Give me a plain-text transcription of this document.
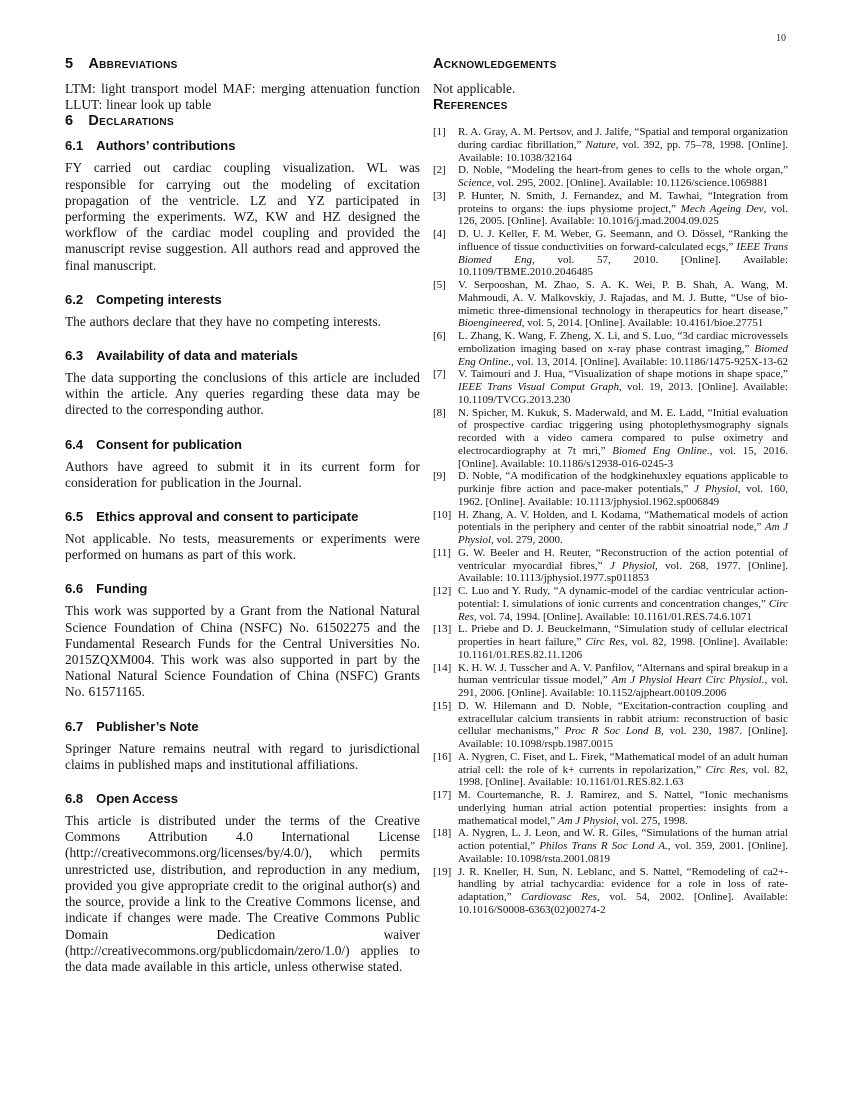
10
5 Abbreviations

LTM: light transport model MAF: merging attenuation function LLUT: linear look up table

6 Declarations
6.1 Authors’ contributions

FY carried out cardiac coupling visualization. WL was responsible for carrying out the modeling of excitation propagation of the ventricle. LZ and YZ participated in performing the experiments. WZ, KW and HZ designed the workflow of the cardiac model coupling and provided the manuscript revise suggestion. All authors read and approved the final manuscript.

6.2 Competing interests

The authors declare that they have no competing interests.

6.3 Availability of data and materials

The data supporting the conclusions of this article are included within the article. Any queries regarding these data may be directed to the corresponding author.

6.4 Consent for publication

Authors have agreed to submit it in its current form for consideration for publication in the Journal.

6.5 Ethics approval and consent to participate

Not applicable. No tests, measurements or experiments were performed on humans as part of this work.

6.6 Funding

This work was supported by a Grant from the National Natural Science Foundation of China (NSFC) No. 61502275 and the Fundamental Research Funds for the Central Universities No. 2015ZQXM004. This work was also supported in part by the National Natural Science Foundation of China (NSFC) Grants No. 61571165.

6.7 Publisher’s Note

Springer Nature remains neutral with regard to jurisdictional claims in published maps and institutional affiliations.

6.8 Open Access

This article is distributed under the terms of the Creative Commons Attribution 4.0 International License (http://creativecommons.org/licenses/by/4.0/), which permits unrestricted use, distribution, and reproduction in any medium, provided you give appropriate credit to the original author(s) and the source, provide a link to the Creative Commons license, and indicate if changes were made. The Creative Commons Public Domain Dedication waiver (http://creativecommons.org/publicdomain/zero/1.0/) applies to the data made available in this article, unless otherwise stated.

Acknowledgements

Not applicable.

References
[1] R. A. Gray, A. M. Pertsov, and J. Jalife, “Spatial and temporal organization during cardiac fibrillation,” Nature, vol. 392, pp. 75–78, 1998. [Online]. Available: 10.1038/32164
[2] D. Noble, “Modeling the heart-from genes to cells to the whole organ,” Science, vol. 295, 2002. [Online]. Available: 10.1126/science.1069881
[3] P. Hunter, N. Smith, J. Fernandez, and M. Tawhai, “Integration from proteins to organs: the iups physiome project,” Mech Ageing Dev, vol. 126, 2005. [Online]. Available: 10.1016/j.mad.2004.09.025
[4] D. U. J. Keller, F. M. Weber, G. Seemann, and O. Dössel, “Ranking the influence of tissue conductivities on forward-calculated ecgs,” IEEE Trans Biomed Eng, vol. 57, 2010. [Online]. Available: 10.1109/TBME.2010.2046485
[5] V. Serpooshan, M. Zhao, S. A. K. Wei, P. B. Shah, A. Wang, M. Mahmoudi, A. V. Malkovskiy, J. Rajadas, and M. J. Butte, “Use of bio-mimetic three-dimensional technology in therapeutics for heart disease,” Bioengineered, vol. 5, 2014. [Online]. Available: 10.4161/bioe.27751
[6] L. Zhang, K. Wang, F. Zheng, X. Li, and S. Luo, “3d cardiac microvessels embolization imaging based on x-ray phase contrast imaging,” Biomed Eng Online., vol. 13, 2014. [Online]. Available: 10.1186/1475-925X-13-62
[7] V. Taimouri and J. Hua, “Visualization of shape motions in shape space,” IEEE Trans Visual Comput Graph, vol. 19, 2013. [Online]. Available: 10.1109/TVCG.2013.230
[8] N. Spicher, M. Kukuk, S. Maderwald, and M. E. Ladd, “Initial evaluation of prospective cardiac triggering using photoplethysmography signals recorded with a video camera compared to pulse oximetry and electrocardiography at 7t mri,” Biomed Eng Online., vol. 15, 2016. [Online]. Available: 10.1186/s12938-016-0245-3
[9] D. Noble, “A modification of the hodgkinehuxley equations applicable to purkinje fibre action and pace-maker potentials,” J Physiol, vol. 160, 1962. [Online]. Available: 10.1113/jphysiol.1962.sp006849
[10] H. Zhang, A. V. Holden, and I. Kodama, “Mathematical models of action potentials in the periphery and center of the rabbit sinoatrial node,” Am J Physiol, vol. 279, 2000.
[11] G. W. Beeler and H. Reuter, “Reconstruction of the action potential of ventricular myocardial fibres,” J Physiol, vol. 268, 1977. [Online]. Available: 10.1113/jphysiol.1977.sp011853
[12] C. Luo and Y. Rudy, “A dynamic-model of the cardiac ventricular action-potential: I. simulations of ionic currents and concentration changes,” Circ Res, vol. 74, 1994. [Online]. Available: 10.1161/01.RES.74.6.1071
[13] L. Priebe and D. J. Beuckelmann, “Simulation study of cellular electrical properties in heart failure,” Circ Res, vol. 82, 1998. [Online]. Available: 10.1161/01.RES.82.11.1206
[14] K. H. W. J. Tusscher and A. V. Panfilov, “Alternans and spiral breakup in a human ventricular tissue model,” Am J Physiol Heart Circ Physiol., vol. 291, 2006. [Online]. Available: 10.1152/ajpheart.00109.2006
[15] D. W. Hilemann and D. Noble, “Excitation-contraction coupling and extracellular calcium transients in rabbit atrium: reconstruction of basic cellular mechanisms,” Proc R Soc Lond B, vol. 230, 1987. [Online]. Available: 10.1098/rspb.1987.0015
[16] A. Nygren, C. Fiset, and L. Firek, “Mathematical model of an adult human atrial cell: the role of k+ currents in repolarization,” Circ Res, vol. 82, 1998. [Online]. Available: 10.1161/01.RES.82.1.63
[17] M. Courtemanche, R. J. Ramirez, and S. Nattel, “Ionic mechanisms underlying human atrial action potential properties: insights from a mathematical model,” Am J Physiol, vol. 275, 1998.
[18] A. Nygren, L. J. Leon, and W. R. Giles, “Simulations of the human atrial action potential,” Philos Trans R Soc Lond A., vol. 359, 2001. [Online]. Available: 10.1098/rsta.2001.0819
[19] J. R. Kneller, H. Sun, N. Leblanc, and S. Nattel, “Remodeling of ca2+-handling by atrial tachycardia: evidence for a role in loss of rate-adaptation,” Cardiovasc Res, vol. 54, 2002. [Online]. Available: 10.1016/S0008-6363(02)00274-2
